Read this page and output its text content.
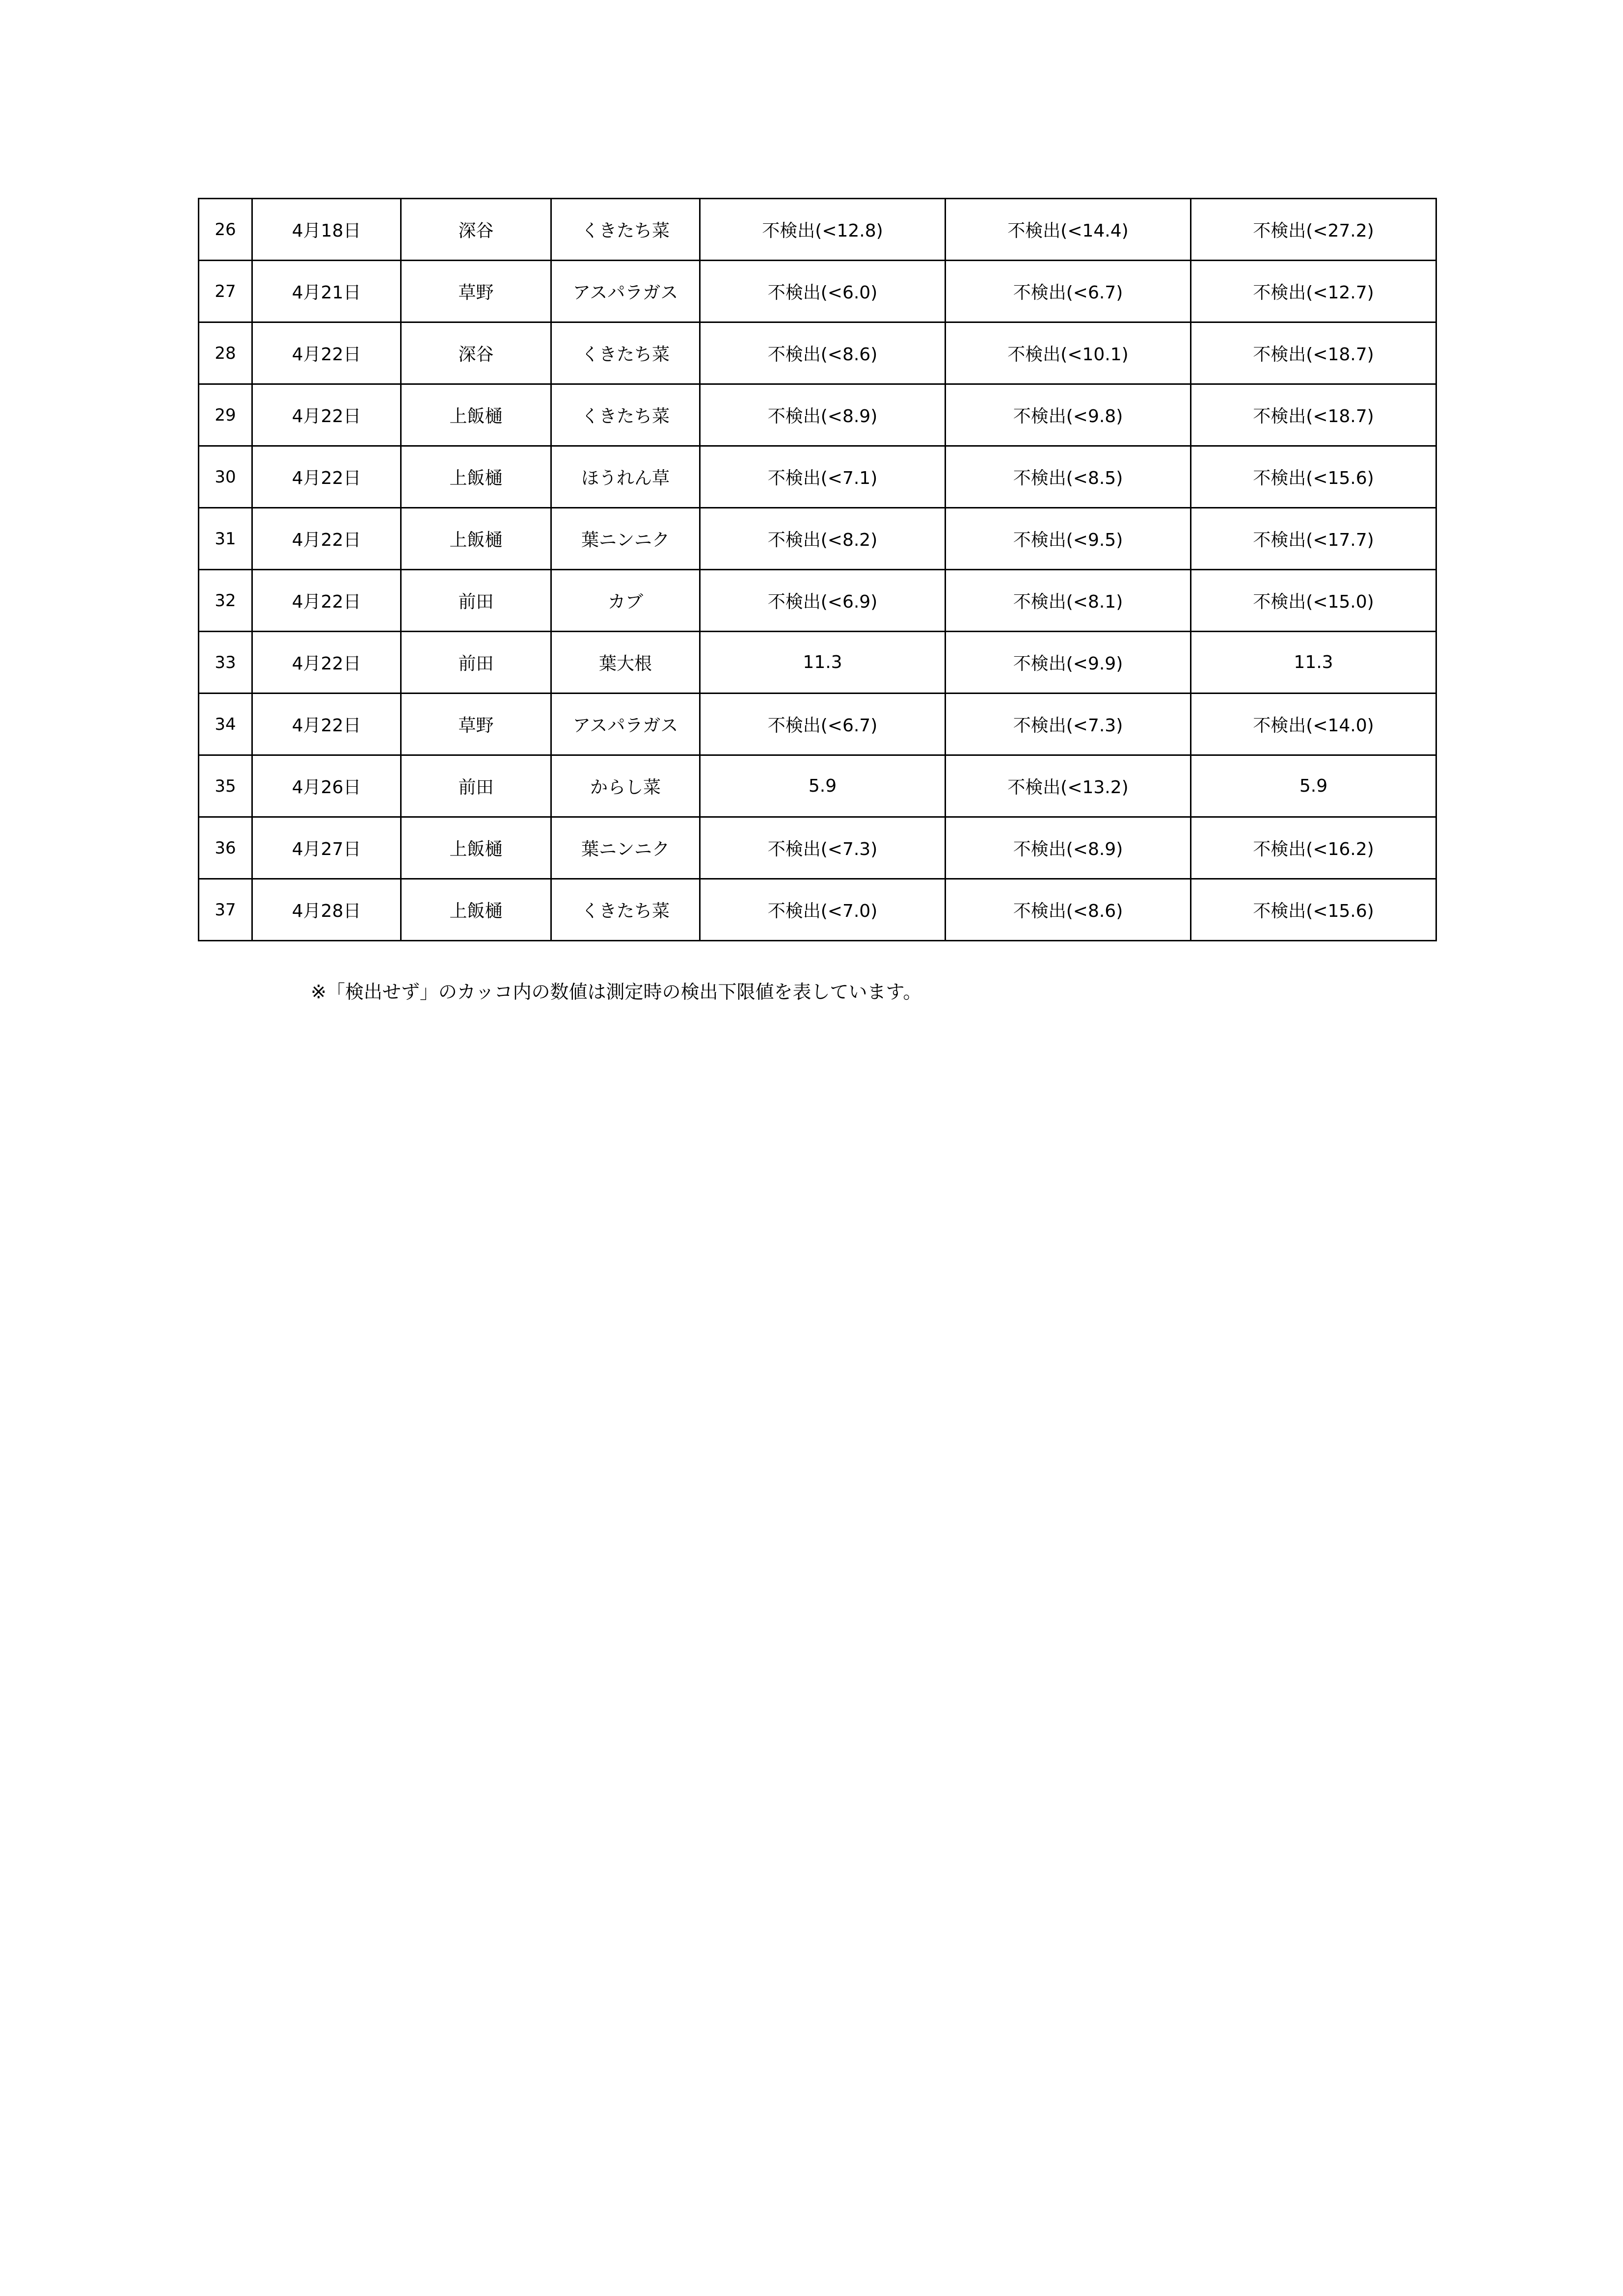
26	4月18日	深谷	くきたち菜	不検出(<12.8)	不検出(<14.4)	不検出(<27.2)
27	4月21日	草野	アスパラガス	不検出(<6.0)	不検出(<6.7)	不検出(<12.7)
28	4月22日	深谷	くきたち菜	不検出(<8.6)	不検出(<10.1)	不検出(<18.7)
29	4月22日	上飯樋	くきたち菜	不検出(<8.9)	不検出(<9.8)	不検出(<18.7)
30	4月22日	上飯樋	ほうれん草	不検出(<7.1)	不検出(<8.5)	不検出(<15.6)
31	4月22日	上飯樋	葉ニンニク	不検出(<8.2)	不検出(<9.5)	不検出(<17.7)
32	4月22日	前田	カブ	不検出(<6.9)	不検出(<8.1)	不検出(<15.0)
33	4月22日	前田	葉大根	11.3	不検出(<9.9)	11.3
34	4月22日	草野	アスパラガス	不検出(<6.7)	不検出(<7.3)	不検出(<14.0)
35	4月26日	前田	からし菜	5.9	不検出(<13.2)	5.9
36	4月27日	上飯樋	葉ニンニク	不検出(<7.3)	不検出(<8.9)	不検出(<16.2)
37	4月28日	上飯樋	くきたち菜	不検出(<7.0)	不検出(<8.6)	不検出(<15.6)
※「検出せず」のカッコ内の数値は測定時の検出下限値を表しています。
